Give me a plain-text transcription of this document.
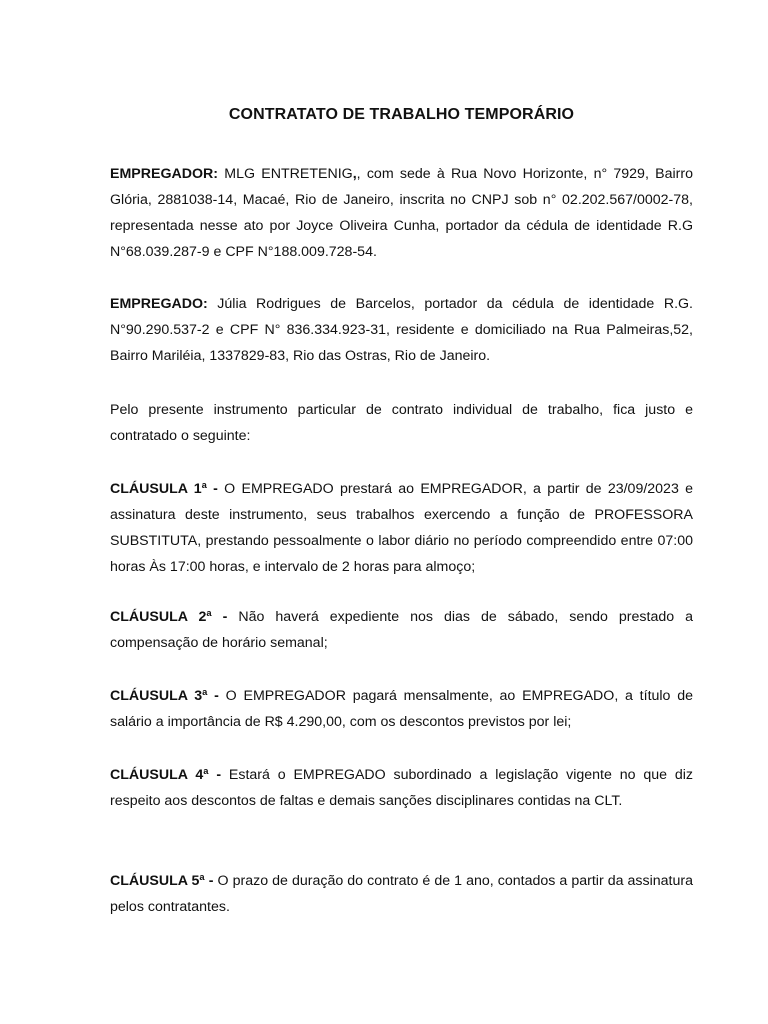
CONTRATATO DE TRABALHO TEMPORÁRIO

EMPREGADOR: MLG ENTRETENIG,, com sede à Rua Novo Horizonte, n° 7929, Bairro Glória, 2881038-14, Macaé, Rio de Janeiro, inscrita no CNPJ sob n° 02.202.567/0002-78, representada nesse ato por Joyce Oliveira Cunha, portador da cédula de identidade R.G N°68.039.287-9 e CPF N°188.009.728-54.

EMPREGADO: Júlia Rodrigues de Barcelos, portador da cédula de identidade R.G. N°90.290.537-2 e CPF N° 836.334.923-31, residente e domiciliado na Rua Palmeiras,52, Bairro Mariléia, 1337829-83, Rio das Ostras, Rio de Janeiro.

Pelo presente instrumento particular de contrato individual de trabalho, fica justo e contratado o seguinte:

CLÁUSULA 1ª - O EMPREGADO prestará ao EMPREGADOR, a partir de 23/09/2023 e assinatura deste instrumento, seus trabalhos exercendo a função de PROFESSORA SUBSTITUTA, prestando pessoalmente o labor diário no período compreendido entre 07:00 horas Às 17:00 horas, e intervalo de 2 horas para almoço;

CLÁUSULA 2ª - Não haverá expediente nos dias de sábado, sendo prestado a compensação de horário semanal;

CLÁUSULA 3ª - O EMPREGADOR pagará mensalmente, ao EMPREGADO, a título de salário a importância de R$ 4.290,00, com os descontos previstos por lei;

CLÁUSULA 4ª - Estará o EMPREGADO subordinado a legislação vigente no que diz respeito aos descontos de faltas e demais sanções disciplinares contidas na CLT.

CLÁUSULA 5ª - O prazo de duração do contrato é de 1 ano, contados a partir da assinatura pelos contratantes.
